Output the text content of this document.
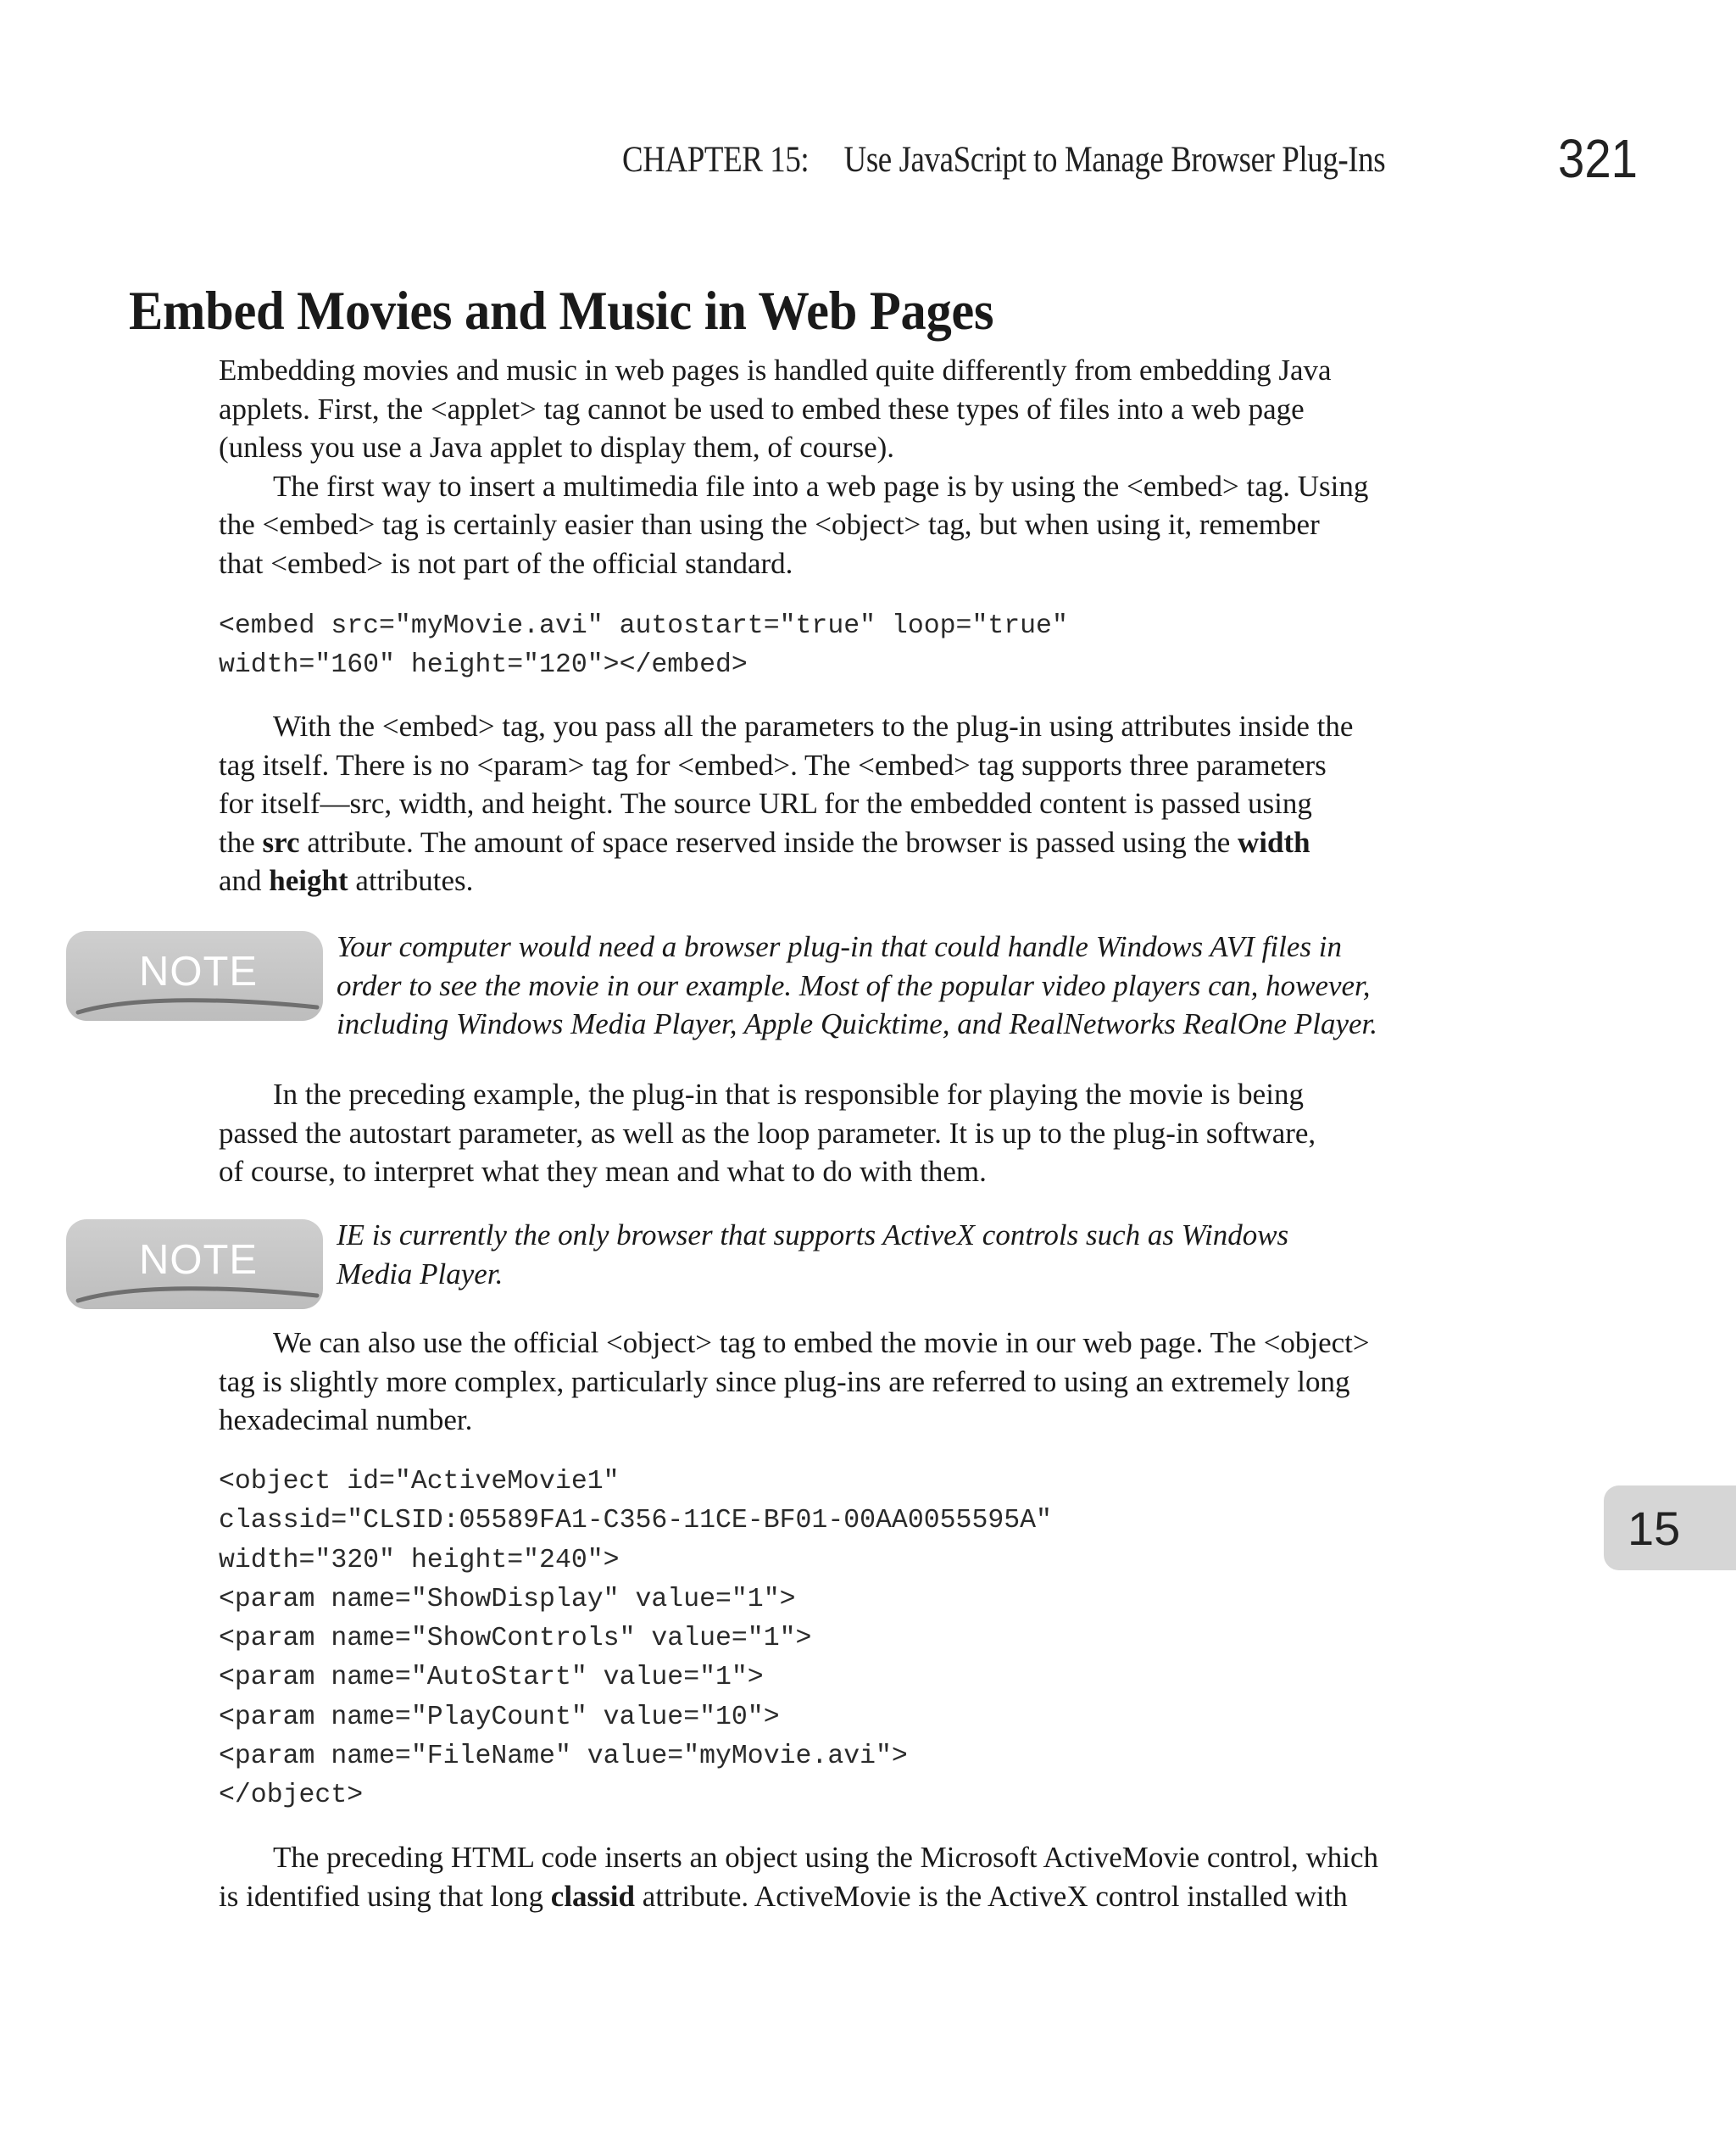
CHAPTER 15: Use JavaScript to Manage Browser Plug-Ins	321
Embed Movies and Music in Web Pages
Embedding movies and music in web pages is handled quite differently from embedding Java
applets. First, the <applet> tag cannot be used to embed these types of files into a web page
(unless you use a Java applet to display them, of course).
The first way to insert a multimedia file into a web page is by using the <embed> tag. Using
the <embed> tag is certainly easier than using the <object> tag, but when using it, remember
that <embed> is not part of the official standard.
<embed src="myMovie.avi" autostart="true" loop="true"
width="160" height="120"></embed>
With the <embed> tag, you pass all the parameters to the plug-in using attributes inside the
tag itself. There is no <param> tag for <embed>. The <embed> tag supports three parameters
for itself—src, width, and height. The source URL for the embedded content is passed using
the src attribute. The amount of space reserved inside the browser is passed using the width
and height attributes.
NOTE
Your computer would need a browser plug-in that could handle Windows AVI files in
order to see the movie in our example. Most of the popular video players can, however,
including Windows Media Player, Apple Quicktime, and RealNetworks RealOne Player.
In the preceding example, the plug-in that is responsible for playing the movie is being
passed the autostart parameter, as well as the loop parameter. It is up to the plug-in software,
of course, to interpret what they mean and what to do with them.
NOTE
IE is currently the only browser that supports ActiveX controls such as Windows
Media Player.
We can also use the official <object> tag to embed the movie in our web page. The <object>
tag is slightly more complex, particularly since plug-ins are referred to using an extremely long
hexadecimal number.
<object id="ActiveMovie1"
classid="CLSID:05589FA1-C356-11CE-BF01-00AA0055595A"
width="320" height="240">
<param name="ShowDisplay" value="1">
<param name="ShowControls" value="1">
<param name="AutoStart" value="1">
<param name="PlayCount" value="10">
<param name="FileName" value="myMovie.avi">
</object>
The preceding HTML code inserts an object using the Microsoft ActiveMovie control, which
is identified using that long classid attribute. ActiveMovie is the ActiveX control installed with
15
